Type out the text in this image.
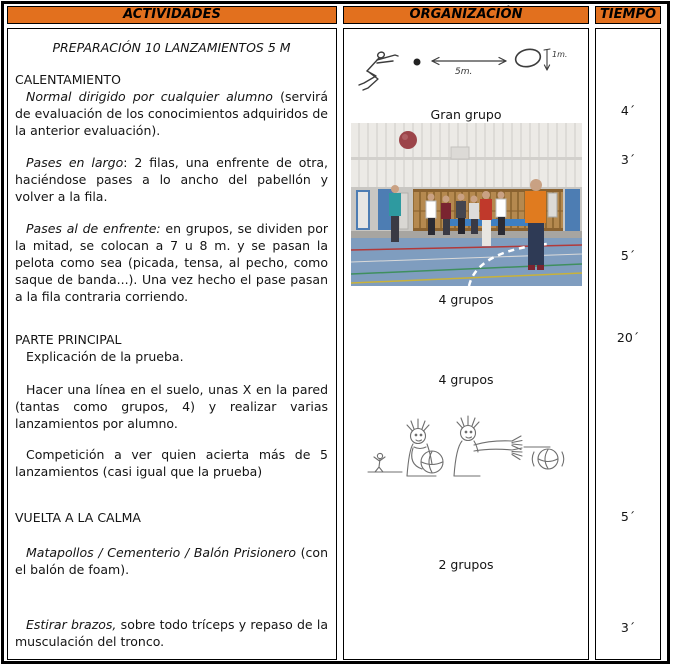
ACTIVIDADES	ORGANIZACIÓN	TIEMPO
PREPARACIÓN 10 LANZAMIENTOS 5 M
CALENTAMIENTO

Normal dirigido por cualquier alumno (servirá de evaluación de los conocimientos adquiridos de la anterior evaluación).

Pases en largo: 2 filas, una enfrente de otra, haciéndose pases a lo ancho del pabellón y volver a la fila.

Pases al de enfrente: en grupos, se dividen por la mitad, se colocan a 7 u 8 m. y se pasan la pelota como sea (picada, tensa, al pecho, como saque de banda...). Una vez hecho el pase pasan a la fila contraria corriendo.

PARTE PRINCIPAL

Explicación de la prueba.

Hacer una línea en el suelo, unas X en la pared (tantas como grupos, 4) y realizar varias lanzamientos por alumno.

Competición a ver quien acierta más de 5 lanzamientos (casi igual que la prueba)

VUELTA A LA CALMA

Matapollos / Cementerio / Balón Prisionero (con el balón de foam).

Estirar brazos, sobre todo tríceps y repaso de la musculación del tronco.

5m.
1m.
Gran grupo
4 grupos
4 grupos
2 grupos
4´
3´
5´
20´
5´
3´
